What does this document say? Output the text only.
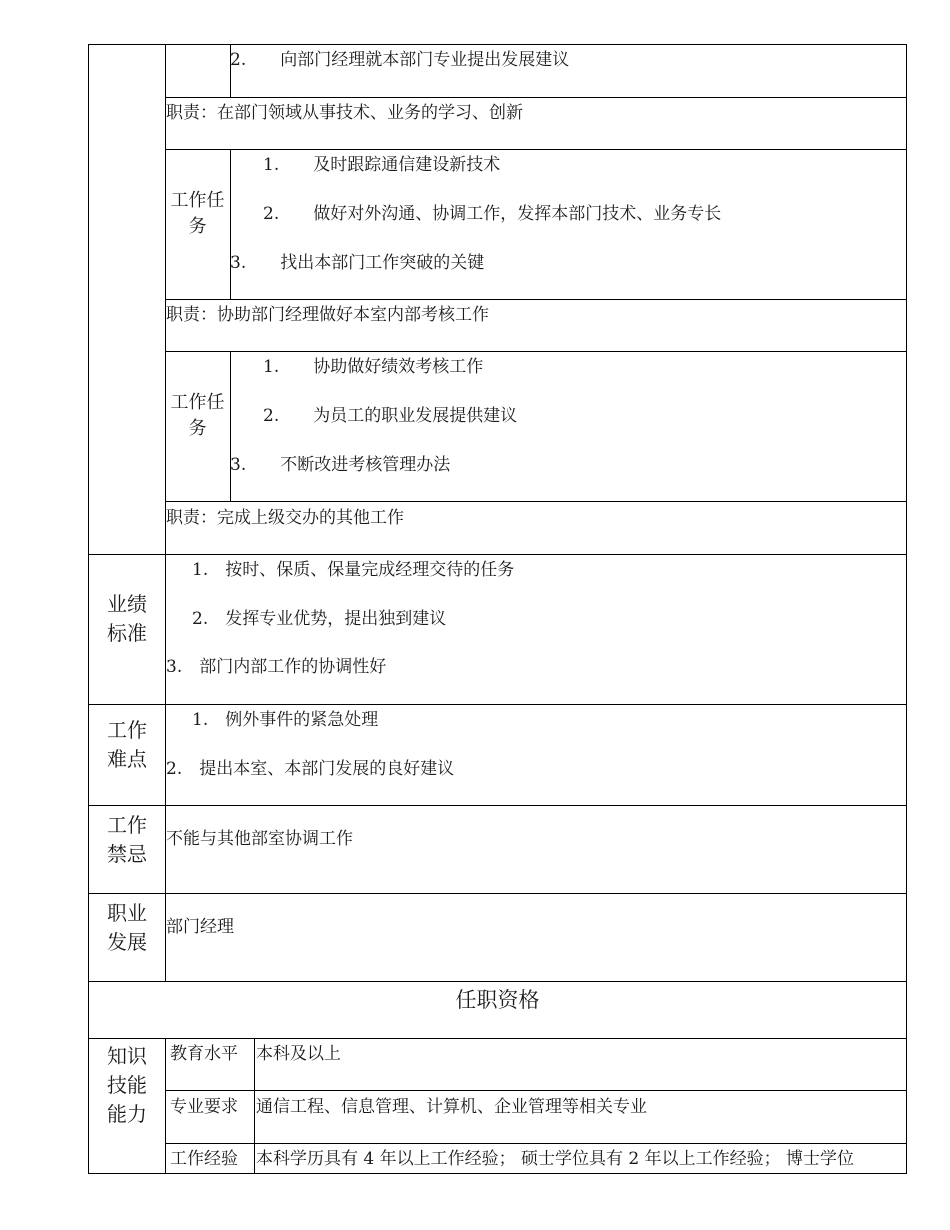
2.　　向部门经理就本部门专业提出发展建议
职责：在部门领域从事技术、业务的学习、创新
工作任
务
1.　　及时跟踪通信建设新技术
2.　　做好对外沟通、协调工作，发挥本部门技术、业务专长
3.　　找出本部门工作突破的关键
职责：协助部门经理做好本室内部考核工作
工作任
务
1.　　协助做好绩效考核工作
2.　　为员工的职业发展提供建议
3.　　不断改进考核管理办法
职责：完成上级交办的其他工作
业绩
标准
1.　按时、保质、保量完成经理交待的任务
2.　发挥专业优势，提出独到建议
3.　部门内部工作的协调性好
工作
难点
1.　例外事件的紧急处理
2.　提出本室、本部门发展的良好建议
工作
禁忌
不能与其他部室协调工作
职业
发展
部门经理
任职资格
知识
技能
能力
教育水平 本科及以上
专业要求 通信工程、信息管理、计算机、企业管理等相关专业
工作经验 本科学历具有 4 年以上工作经验； 硕士学位具有 2 年以上工作经验； 博士学位
